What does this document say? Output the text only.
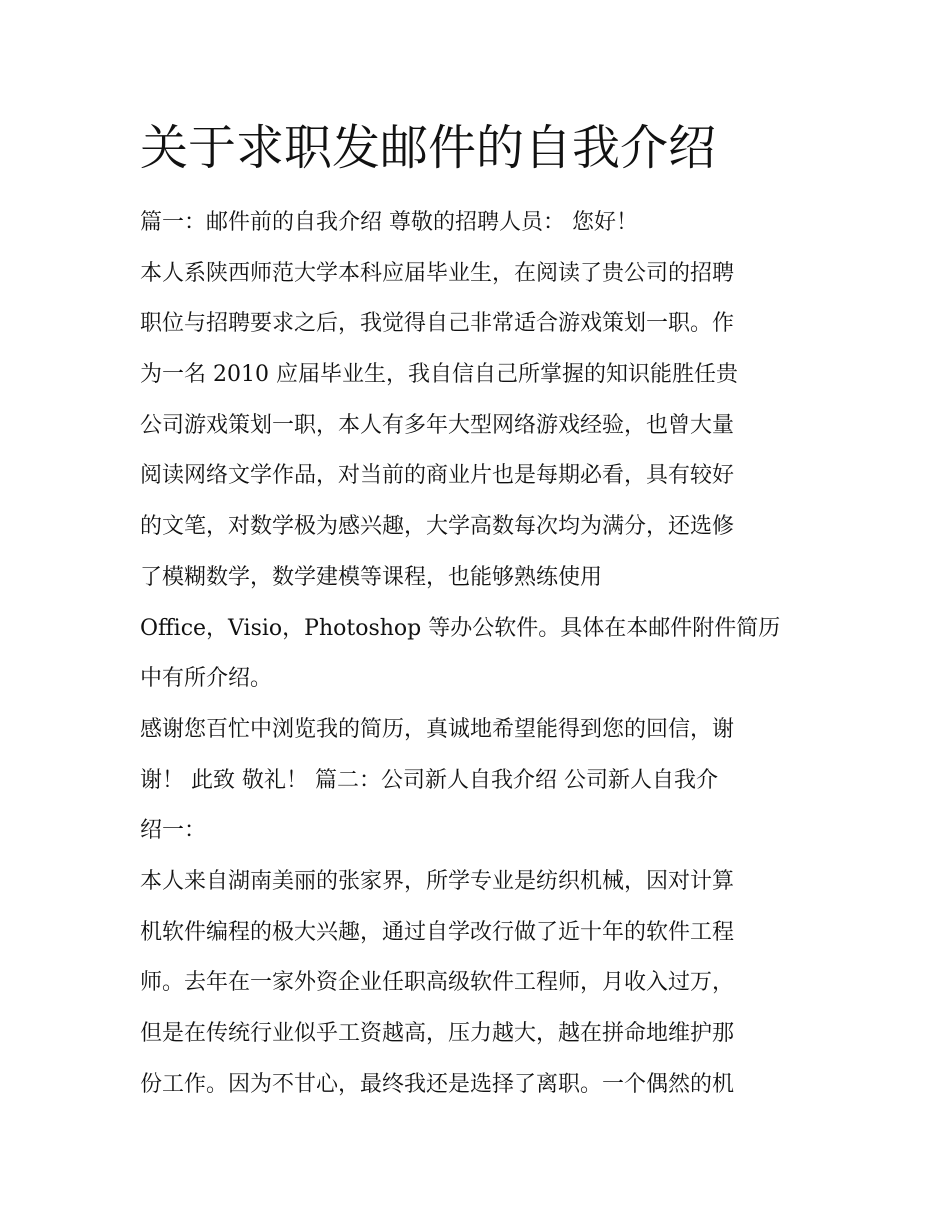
关于求职发邮件的自我介绍
篇一：邮件前的自我介绍 尊敬的招聘人员： 您好！
本人系陕西师范大学本科应届毕业生，在阅读了贵公司的招聘
职位与招聘要求之后，我觉得自己非常适合游戏策划一职。作
为一名 2010 应届毕业生，我自信自己所掌握的知识能胜任贵
公司游戏策划一职，本人有多年大型网络游戏经验，也曾大量
阅读网络文学作品，对当前的商业片也是每期必看，具有较好
的文笔，对数学极为感兴趣，大学高数每次均为满分，还选修
了模糊数学，数学建模等课程，也能够熟练使用
Office，Visio，Photoshop 等办公软件。具体在本邮件附件简历
中有所介绍。
感谢您百忙中浏览我的简历，真诚地希望能得到您的回信，谢
谢！ 此致 敬礼！ 篇二：公司新人自我介绍 公司新人自我介
绍一：
本人来自湖南美丽的张家界，所学专业是纺织机械，因对计算
机软件编程的极大兴趣，通过自学改行做了近十年的软件工程
师。去年在一家外资企业任职高级软件工程师，月收入过万，
但是在传统行业似乎工资越高，压力越大，越在拼命地维护那
份工作。因为不甘心，最终我还是选择了离职。一个偶然的机
